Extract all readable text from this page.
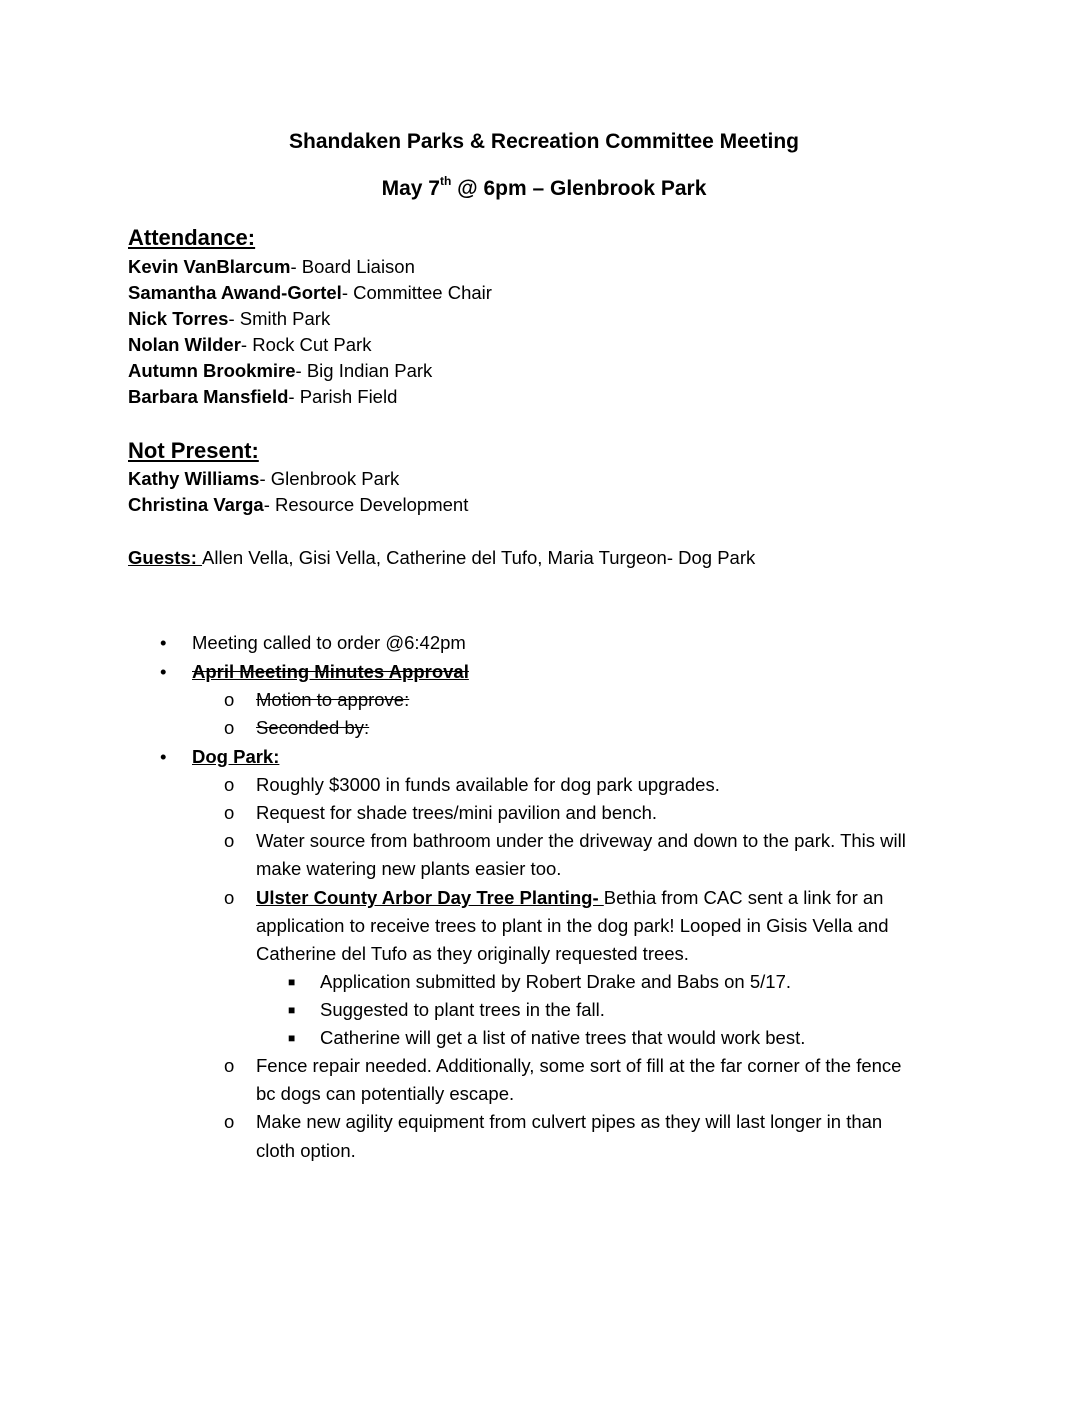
Shandaken Parks & Recreation Committee Meeting
May 7th @ 6pm – Glenbrook Park
Attendance:
Kevin VanBlarcum- Board Liaison
Samantha Awand-Gortel- Committee Chair
Nick Torres- Smith Park
Nolan Wilder- Rock Cut Park
Autumn Brookmire- Big Indian Park
Barbara Mansfield- Parish Field
Not Present:
Kathy Williams- Glenbrook Park
Christina Varga- Resource Development
Guests: Allen Vella, Gisi Vella, Catherine del Tufo, Maria Turgeon- Dog Park
• Meeting called to order @6:42pm
• April Meeting Minutes Approval
o Motion to approve:
o Seconded by:
• Dog Park:
o Roughly $3000 in funds available for dog park upgrades.
o Request for shade trees/mini pavilion and bench.
o Water source from bathroom under the driveway and down to the park. This will
make watering new plants easier too.
o Ulster County Arbor Day Tree Planting- Bethia from CAC sent a link for an
application to receive trees to plant in the dog park! Looped in Gisis Vella and
Catherine del Tufo as they originally requested trees.
■ Application submitted by Robert Drake and Babs on 5/17.
■ Suggested to plant trees in the fall.
■ Catherine will get a list of native trees that would work best.
o Fence repair needed. Additionally, some sort of fill at the far corner of the fence
bc dogs can potentially escape.
o Make new agility equipment from culvert pipes as they will last longer in than
cloth option.
